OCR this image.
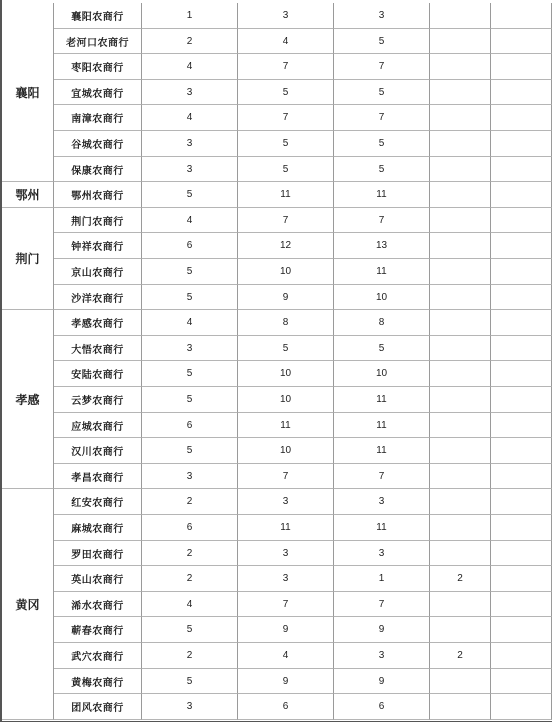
襄阳
襄阳农商行	1	3	3
老河口农商行	2	4	5
枣阳农商行	4	7	7
宜城农商行	3	5	5
南漳农商行	4	7	7
谷城农商行	3	5	5
保康农商行	3	5	5
鄂州	鄂州农商行	5	11	11
荆门
荆门农商行	4	7	7
钟祥农商行	6	12	13
京山农商行	5	10	11
沙洋农商行	5	9	10
孝感
孝感农商行	4	8	8
大悟农商行	3	5	5
安陆农商行	5	10	10
云梦农商行	5	10	11
应城农商行	6	11	11
汉川农商行	5	10	11
孝昌农商行	3	7	7
黄冈
红安农商行	2	3	3
麻城农商行	6	11	11
罗田农商行	2	3	3
英山农商行	2	3	1	2
浠水农商行	4	7	7
蕲春农商行	5	9	9
武穴农商行	2	4	3	2
黄梅农商行	5	9	9
团风农商行	3	6	6
